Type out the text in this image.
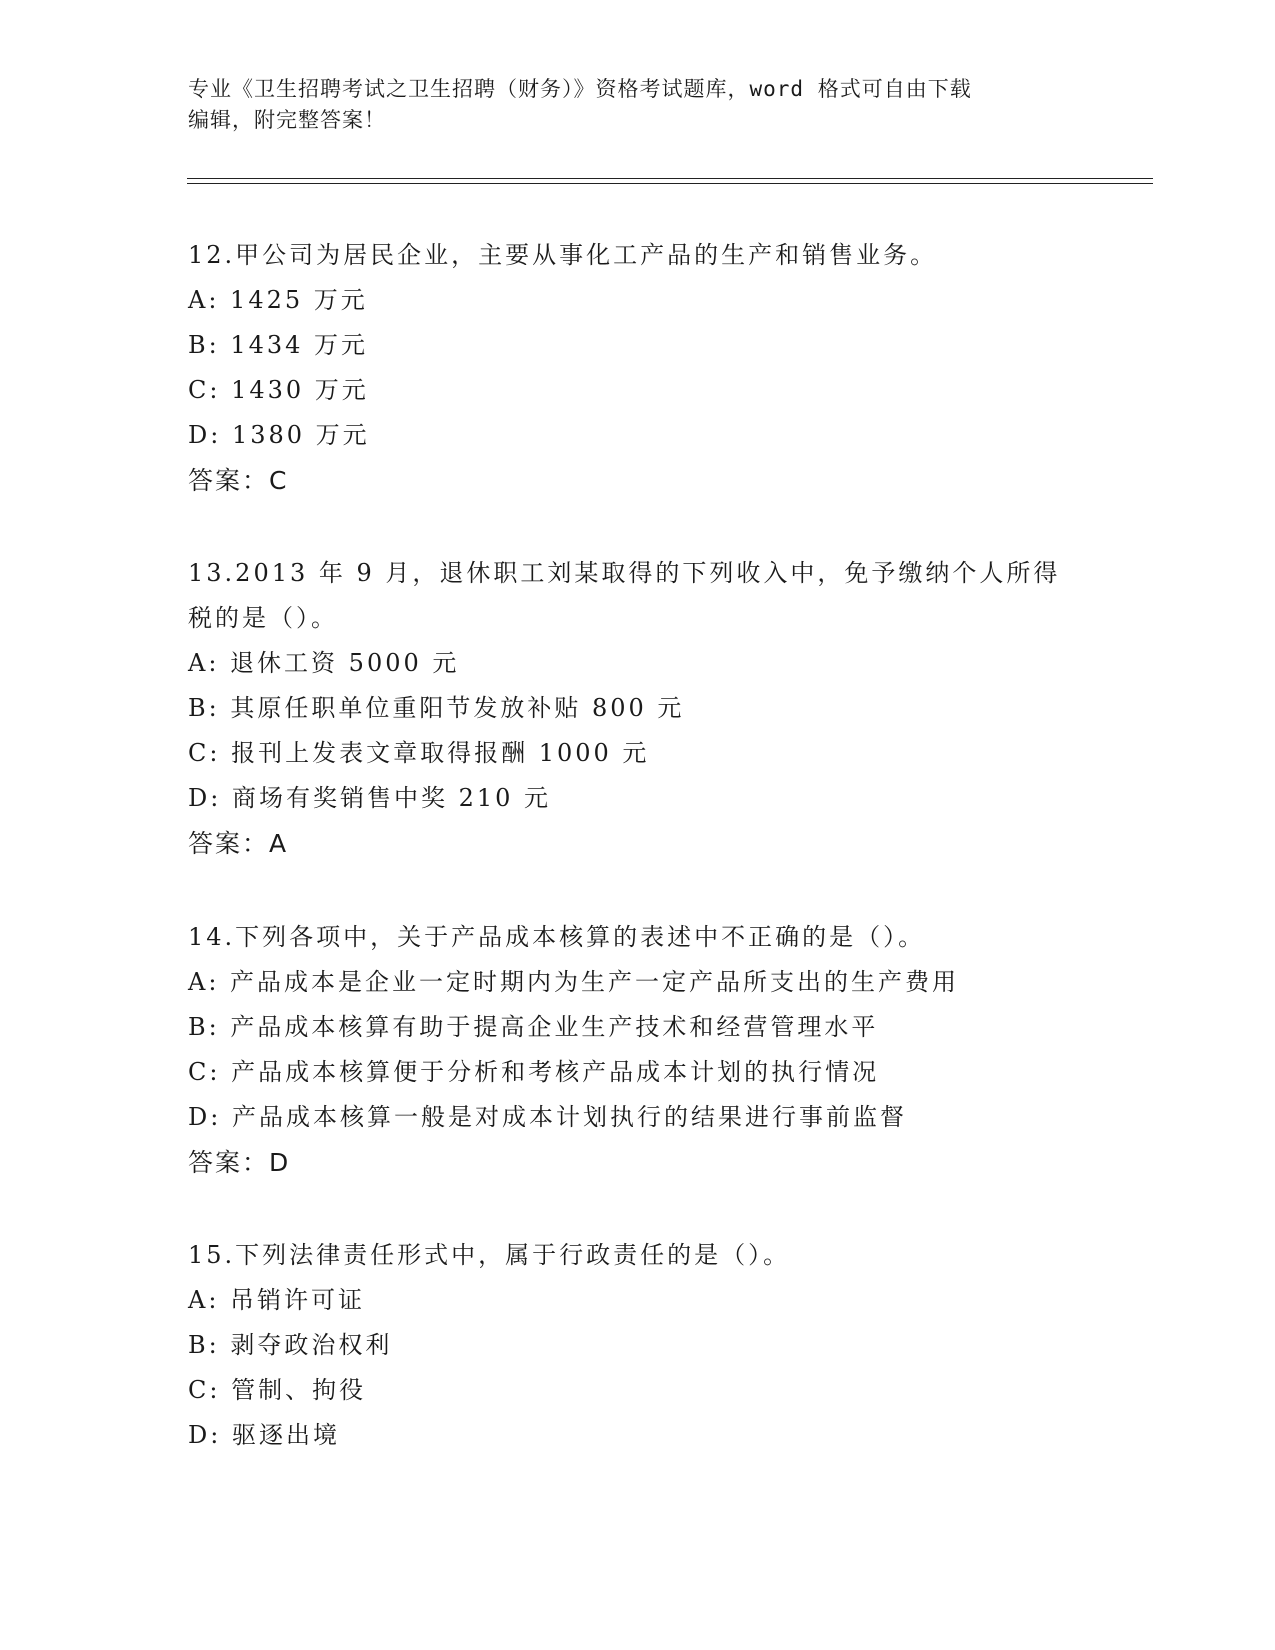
专业《卫生招聘考试之卫生招聘（财务）》资格考试题库，word 格式可自由下载
编辑，附完整答案！
12.甲公司为居民企业，主要从事化工产品的生产和销售业务。
A: 1425 万元
B: 1434 万元
C: 1430 万元
D: 1380 万元
答案：C
13.2013 年 9 月，退休职工刘某取得的下列收入中，免予缴纳个人所得
税的是（）。
A: 退休工资 5000 元
B: 其原任职单位重阳节发放补贴 800 元
C: 报刊上发表文章取得报酬 1000 元
D: 商场有奖销售中奖 210 元
答案：A
14.下列各项中，关于产品成本核算的表述中不正确的是（）。
A: 产品成本是企业一定时期内为生产一定产品所支出的生产费用
B: 产品成本核算有助于提高企业生产技术和经营管理水平
C: 产品成本核算便于分析和考核产品成本计划的执行情况
D: 产品成本核算一般是对成本计划执行的结果进行事前监督
答案：D
15.下列法律责任形式中，属于行政责任的是（）。
A: 吊销许可证
B: 剥夺政治权利
C: 管制、拘役
D: 驱逐出境
